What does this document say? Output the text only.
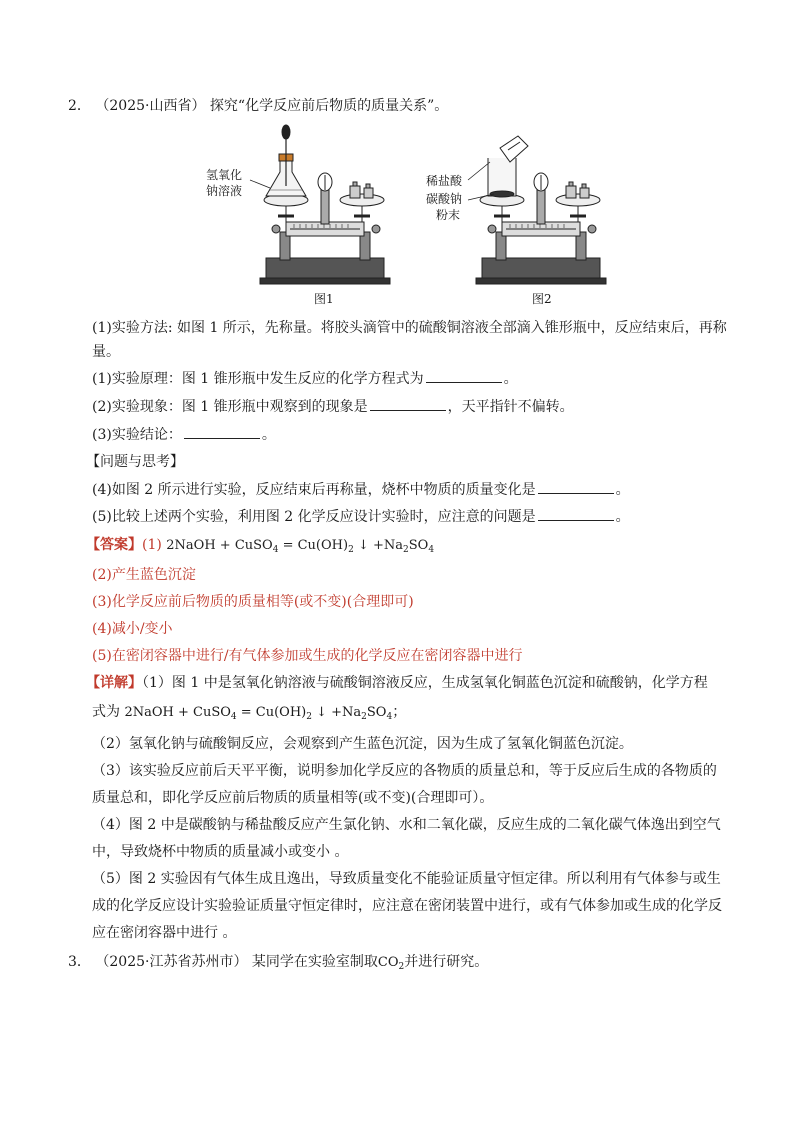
2． （2025·山西省） 探究“化学反应前后物质的质量关系”。
氢氧化
钠溶液
稀盐酸
碳酸钠
粉末
图1	图2
(1)实验方法: 如图 1 所示，先称量。将胶头滴管中的硫酸铜溶液全部滴入锥形瓶中，反应结束后，再称
量。
(1)实验原理：图 1 锥形瓶中发生反应的化学方程式为	。
(2)实验现象：图 1 锥形瓶中观察到的现象是	，天平指针不偏转。
(3)实验结论：	。
【问题与思考】
(4)如图 2 所示进行实验，反应结束后再称量，烧杯中物质的质量变化是	。
(5)比较上述两个实验，利用图 2 化学反应设计实验时，应注意的问题是	。
【答案】(1) 2NaOH + CuSO$_4$ = $Cu(OH)_2$ ↓ $+Na_2SO_4$
(2)产生蓝色沉淀
(3)化学反应前后物质的质量相等(或不变)(合理即可)
(4)减小/变小
(5)在密闭容器中进行/有气体参加或生成的化学反应在密闭容器中进行
【详解】（1）图 1 中是氢氧化钠溶液与硫酸铜溶液反应，生成氢氧化铜蓝色沉淀和硫酸钠，化学方程
式为 2NaOH + CuSO$_4$ = $Cu(OH)_2$ ↓ $+Na_2SO_4$；
（2）氢氧化钠与硫酸铜反应，会观察到产生蓝色沉淀，因为生成了氢氧化铜蓝色沉淀。
（3）该实验反应前后天平平衡，说明参加化学反应的各物质的质量总和，等于反应后生成的各物质的
质量总和，即化学反应前后物质的质量相等(或不变)(合理即可）。
（4）图 2 中是碳酸钠与稀盐酸反应产生氯化钠、水和二氧化碳，反应生成的二氧化碳气体逸出到空气
中，导致烧杯中物质的质量减小或变小 。
（5）图 2 实验因有气体生成且逸出，导致质量变化不能验证质量守恒定律。所以利用有气体参与或生
成的化学反应设计实验验证质量守恒定律时，应注意在密闭装置中进行，或有气体参加或生成的化学反
应在密闭容器中进行 。
3． （2025·江苏省苏州市） 某同学在实验室制取$CO_2$并进行研究。
